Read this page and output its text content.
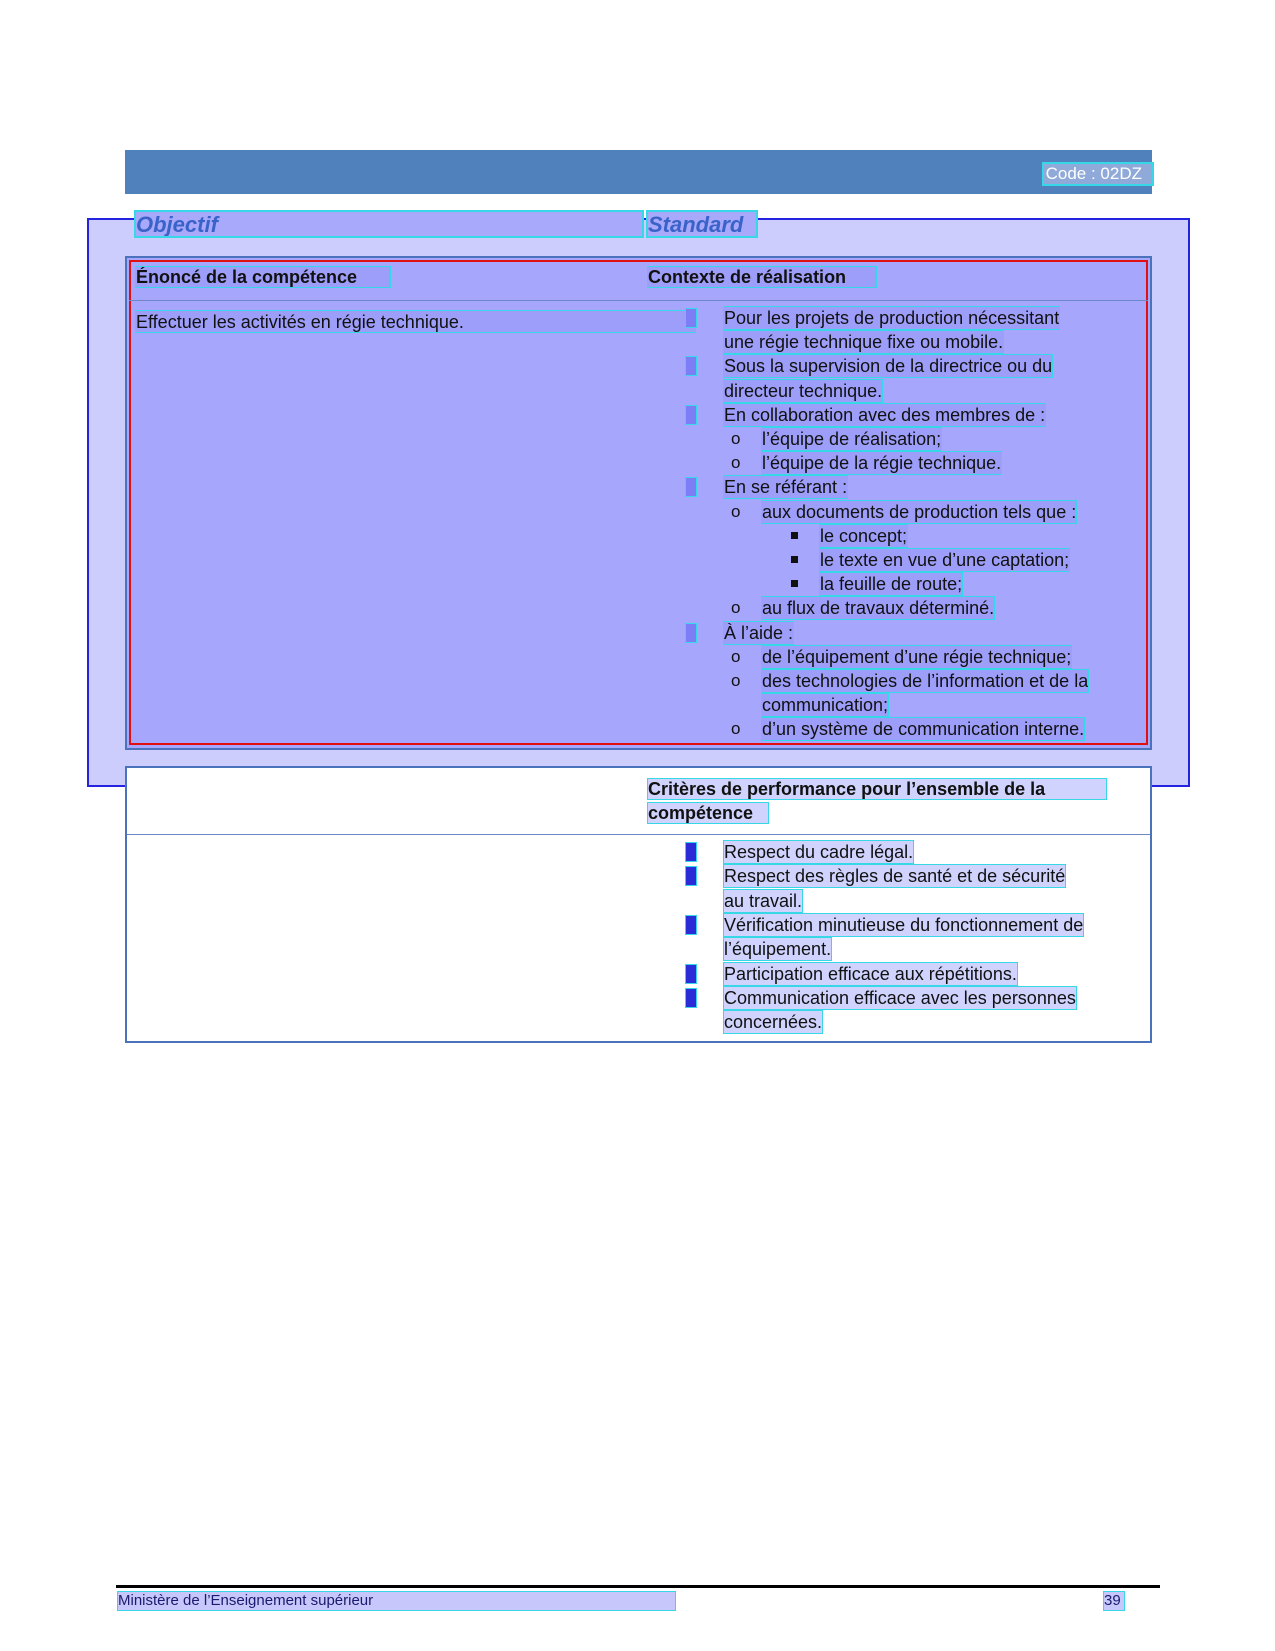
Code : 02DZ
Objectif	Standard
Énoncé de la compétence	Contexte de réalisation
Effectuer les activités en régie technique.	Pour les projets de production nécessitant
une régie technique fixe ou mobile.
Sous la supervision de la directrice ou du
directeur technique.
En collaboration avec des membres de :
o l’équipe de réalisation;
o l’équipe de la régie technique.
En se référant :
o aux documents de production tels que :
le concept;
le texte en vue d’une captation;
la feuille de route;
o au flux de travaux déterminé.
À l’aide :
o de l’équipement d’une régie technique;
o des technologies de l’information et de la
communication;
o d’un système de communication interne.
Critères de performance pour l’ensemble de la
compétence
Respect du cadre légal.
Respect des règles de santé et de sécurité
au travail.
Vérification minutieuse du fonctionnement de
l’équipement.
Participation efficace aux répétitions.
Communication efficace avec les personnes
concernées.
Ministère de l’Enseignement supérieur	39
